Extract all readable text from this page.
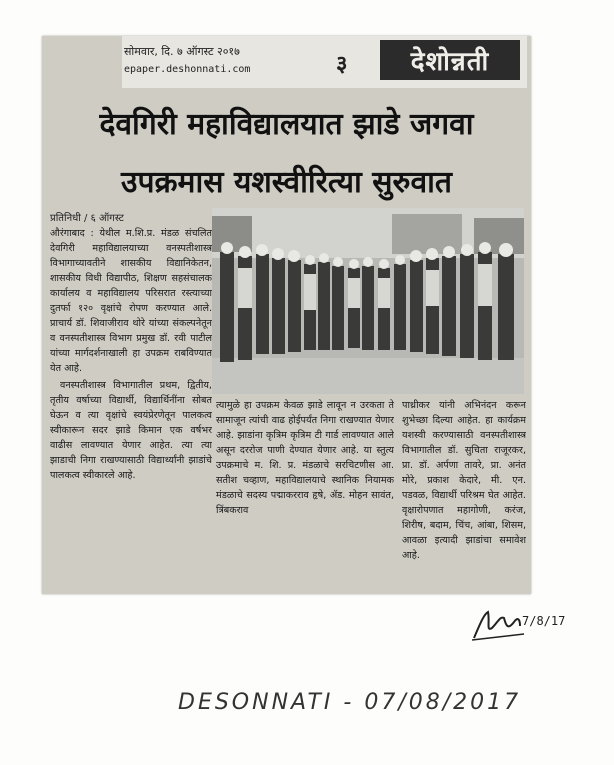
सोमवार, दि. ७ ऑगस्ट २०१७
epaper.deshonnati.com	३	देशोन्नती
देवगिरी महाविद्यालयात झाडे जगवा
उपक्रमास यशस्वीरित्या सुरुवात
प्रतिनिधी / ६ ऑगस्ट

औरंगाबाद : येथील म.शि.प्र. मंडळ संचलित देवगिरी महाविद्यालयाच्या वनस्पतीशास्त्र विभागाच्यावतीने शासकीय विद्यानिकेतन, शासकीय विधी विद्यापीठ, शिक्षण सहसंचालक कार्यालय व महाविद्यालय परिसरात रस्त्याच्या दुतर्फा १२० वृक्षांचे रोपण करण्यात आले. प्राचार्य डॉ. शिवाजीराव थोरे यांच्या संकल्पनेतून व वनस्पतीशास्त्र विभाग प्रमुख डॉ. रवी पाटील यांच्या मार्गदर्शनाखाली हा उपक्रम राबविण्यात येत आहे.

वनस्पतीशास्त्र विभागातील प्रथम, द्वितीय, तृतीय वर्षाच्या विद्यार्थी, विद्यार्थिनींना सोबत घेऊन व त्या वृक्षांचे स्वयंप्रेरणेतून पालकत्व स्वीकारून सदर झाडे किमान एक वर्षभर वाढीस लावण्यात येणार आहेत. त्या त्या झाडाची निगा राखण्यासाठी विद्यार्थ्यांनी झाडांचे पालकत्व स्वीकारले आहे.

त्यामुळे हा उपक्रम केवळ झाडे लावून न उरकता ते सामाजून त्यांची वाढ होईपर्यंत निगा राखण्यात येणार आहे. झाडांना कृत्रिम कृत्रिम टी गार्ड लावण्यात आले असून दररोज पाणी देण्यात येणार आहे. या स्तुत्य उपक्रमाचे म. शि. प्र. मंडळाचे सरचिटणीस आ. सतीश चव्हाण, महाविद्यालयाचे स्थानिक नियामक मंडळाचे सदस्य पद्माकरराव हृषे, ॲड. मोहन सावंत, त्रिंबकराव

पाथ्रीकर यांनी अभिनंदन करून शुभेच्छा दिल्या आहेत. हा कार्यक्रम यशस्वी करण्यासाठी वनस्पतीशास्त्र विभागातील डॉ. सुचिता राजूरकर, प्रा. डॉ. अर्पणा तावरे, प्रा. अनंत मोरे, प्रकाश केदारे, मी. एन. पडवळ, विद्यार्थी परिश्रम घेत आहेत. वृक्षारोपणात महागोणी, करंज, शिरीष, बदाम, चिंच, आंबा, शिसम, आवळा इत्यादी झाडांचा समावेश आहे.

7/8/17
DESONNATI - 07/08/2017
